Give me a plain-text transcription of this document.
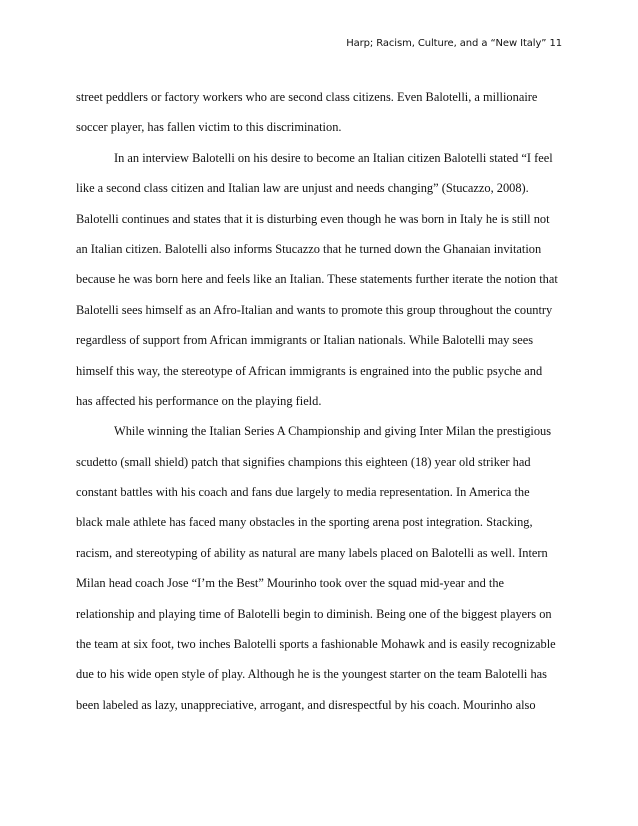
Harp; Racism, Culture, and a “New Italy” 11
street peddlers or factory workers who are second class citizens. Even Balotelli, a millionaire
soccer player, has fallen victim to this discrimination.
In an interview Balotelli on his desire to become an Italian citizen Balotelli stated “I feel
like a second class citizen and Italian law are unjust and needs changing” (Stucazzo, 2008).
Balotelli continues and states that it is disturbing even though he was born in Italy he is still not
an Italian citizen. Balotelli also informs Stucazzo that he turned down the Ghanaian invitation
because he was born here and feels like an Italian. These statements further iterate the notion that
Balotelli sees himself as an Afro-Italian and wants to promote this group throughout the country
regardless of support from African immigrants or Italian nationals. While Balotelli may sees
himself this way, the stereotype of African immigrants is engrained into the public psyche and
has affected his performance on the playing field.
While winning the Italian Series A Championship and giving Inter Milan the prestigious
scudetto (small shield) patch that signifies champions this eighteen (18) year old striker had
constant battles with his coach and fans due largely to media representation. In America the
black male athlete has faced many obstacles in the sporting arena post integration. Stacking,
racism, and stereotyping of ability as natural are many labels placed on Balotelli as well. Intern
Milan head coach Jose “I’m the Best” Mourinho took over the squad mid-year and the
relationship and playing time of Balotelli begin to diminish. Being one of the biggest players on
the team at six foot, two inches Balotelli sports a fashionable Mohawk and is easily recognizable
due to his wide open style of play. Although he is the youngest starter on the team Balotelli has
been labeled as lazy, unappreciative, arrogant, and disrespectful by his coach. Mourinho also
